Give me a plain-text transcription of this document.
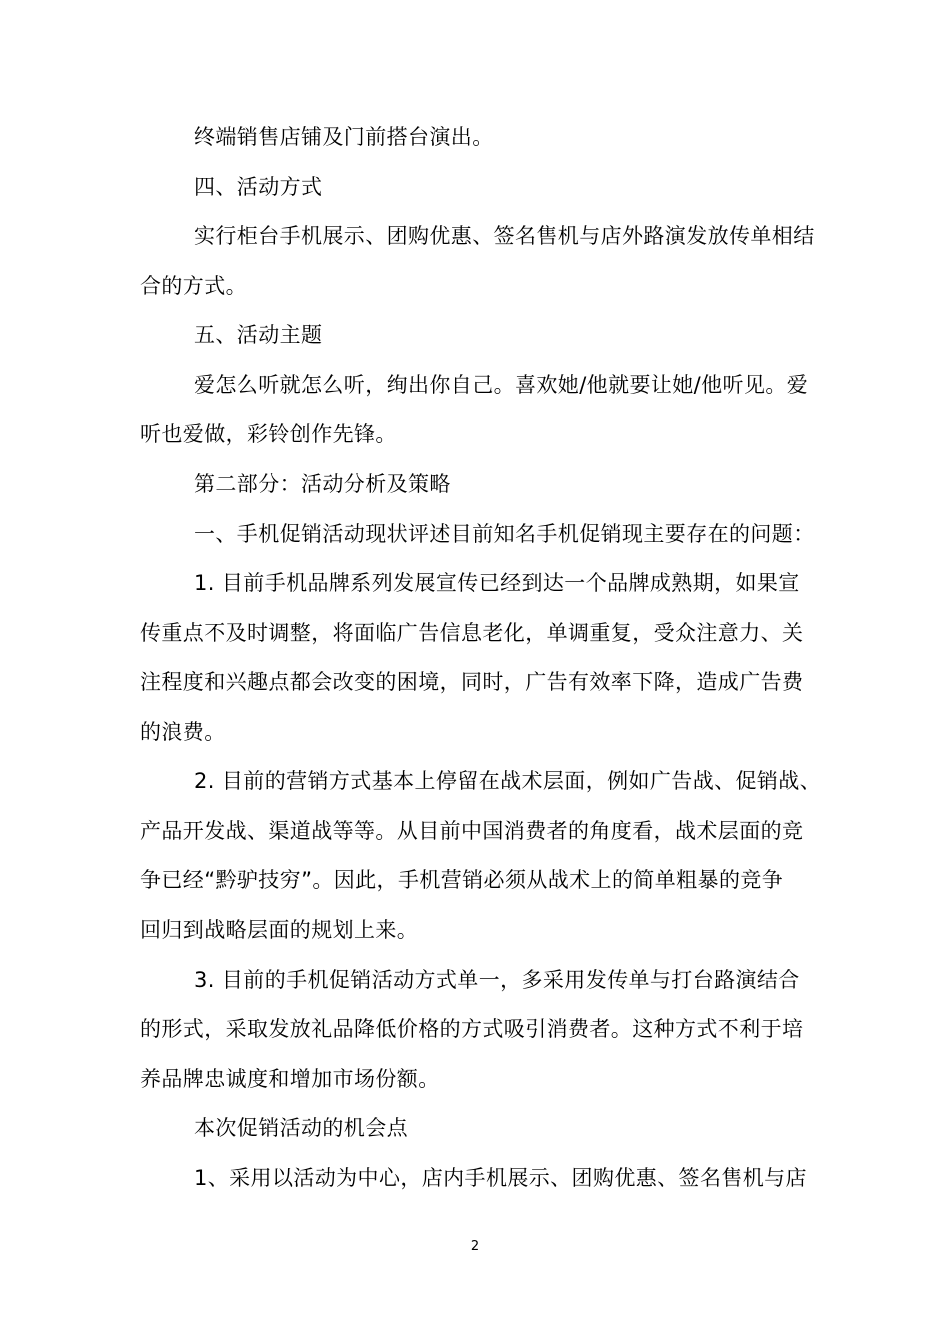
终端销售店铺及门前搭台演出。
四、活动方式
实行柜台手机展示、团购优惠、签名售机与店外路演发放传单相结
合的方式。
五、活动主题
爱怎么听就怎么听，绚出你自己。喜欢她/他就要让她/他听见。爱
听也爱做，彩铃创作先锋。
第二部分：活动分析及策略
一、手机促销活动现状评述目前知名手机促销现主要存在的问题：
1. 目前手机品牌系列发展宣传已经到达一个品牌成熟期，如果宣
传重点不及时调整，将面临广告信息老化，单调重复，受众注意力、关
注程度和兴趣点都会改变的困境，同时，广告有效率下降，造成广告费
的浪费。
2. 目前的营销方式基本上停留在战术层面，例如广告战、促销战、
产品开发战、渠道战等等。从目前中国消费者的角度看，战术层面的竞
争已经“黔驴技穷”。因此，手机营销必须从战术上的简单粗暴的竞争
回归到战略层面的规划上来。
3. 目前的手机促销活动方式单一，多采用发传单与打台路演结合
的形式，采取发放礼品降低价格的方式吸引消费者。这种方式不利于培
养品牌忠诚度和增加市场份额。
本次促销活动的机会点
1、采用以活动为中心，店内手机展示、团购优惠、签名售机与店
2
